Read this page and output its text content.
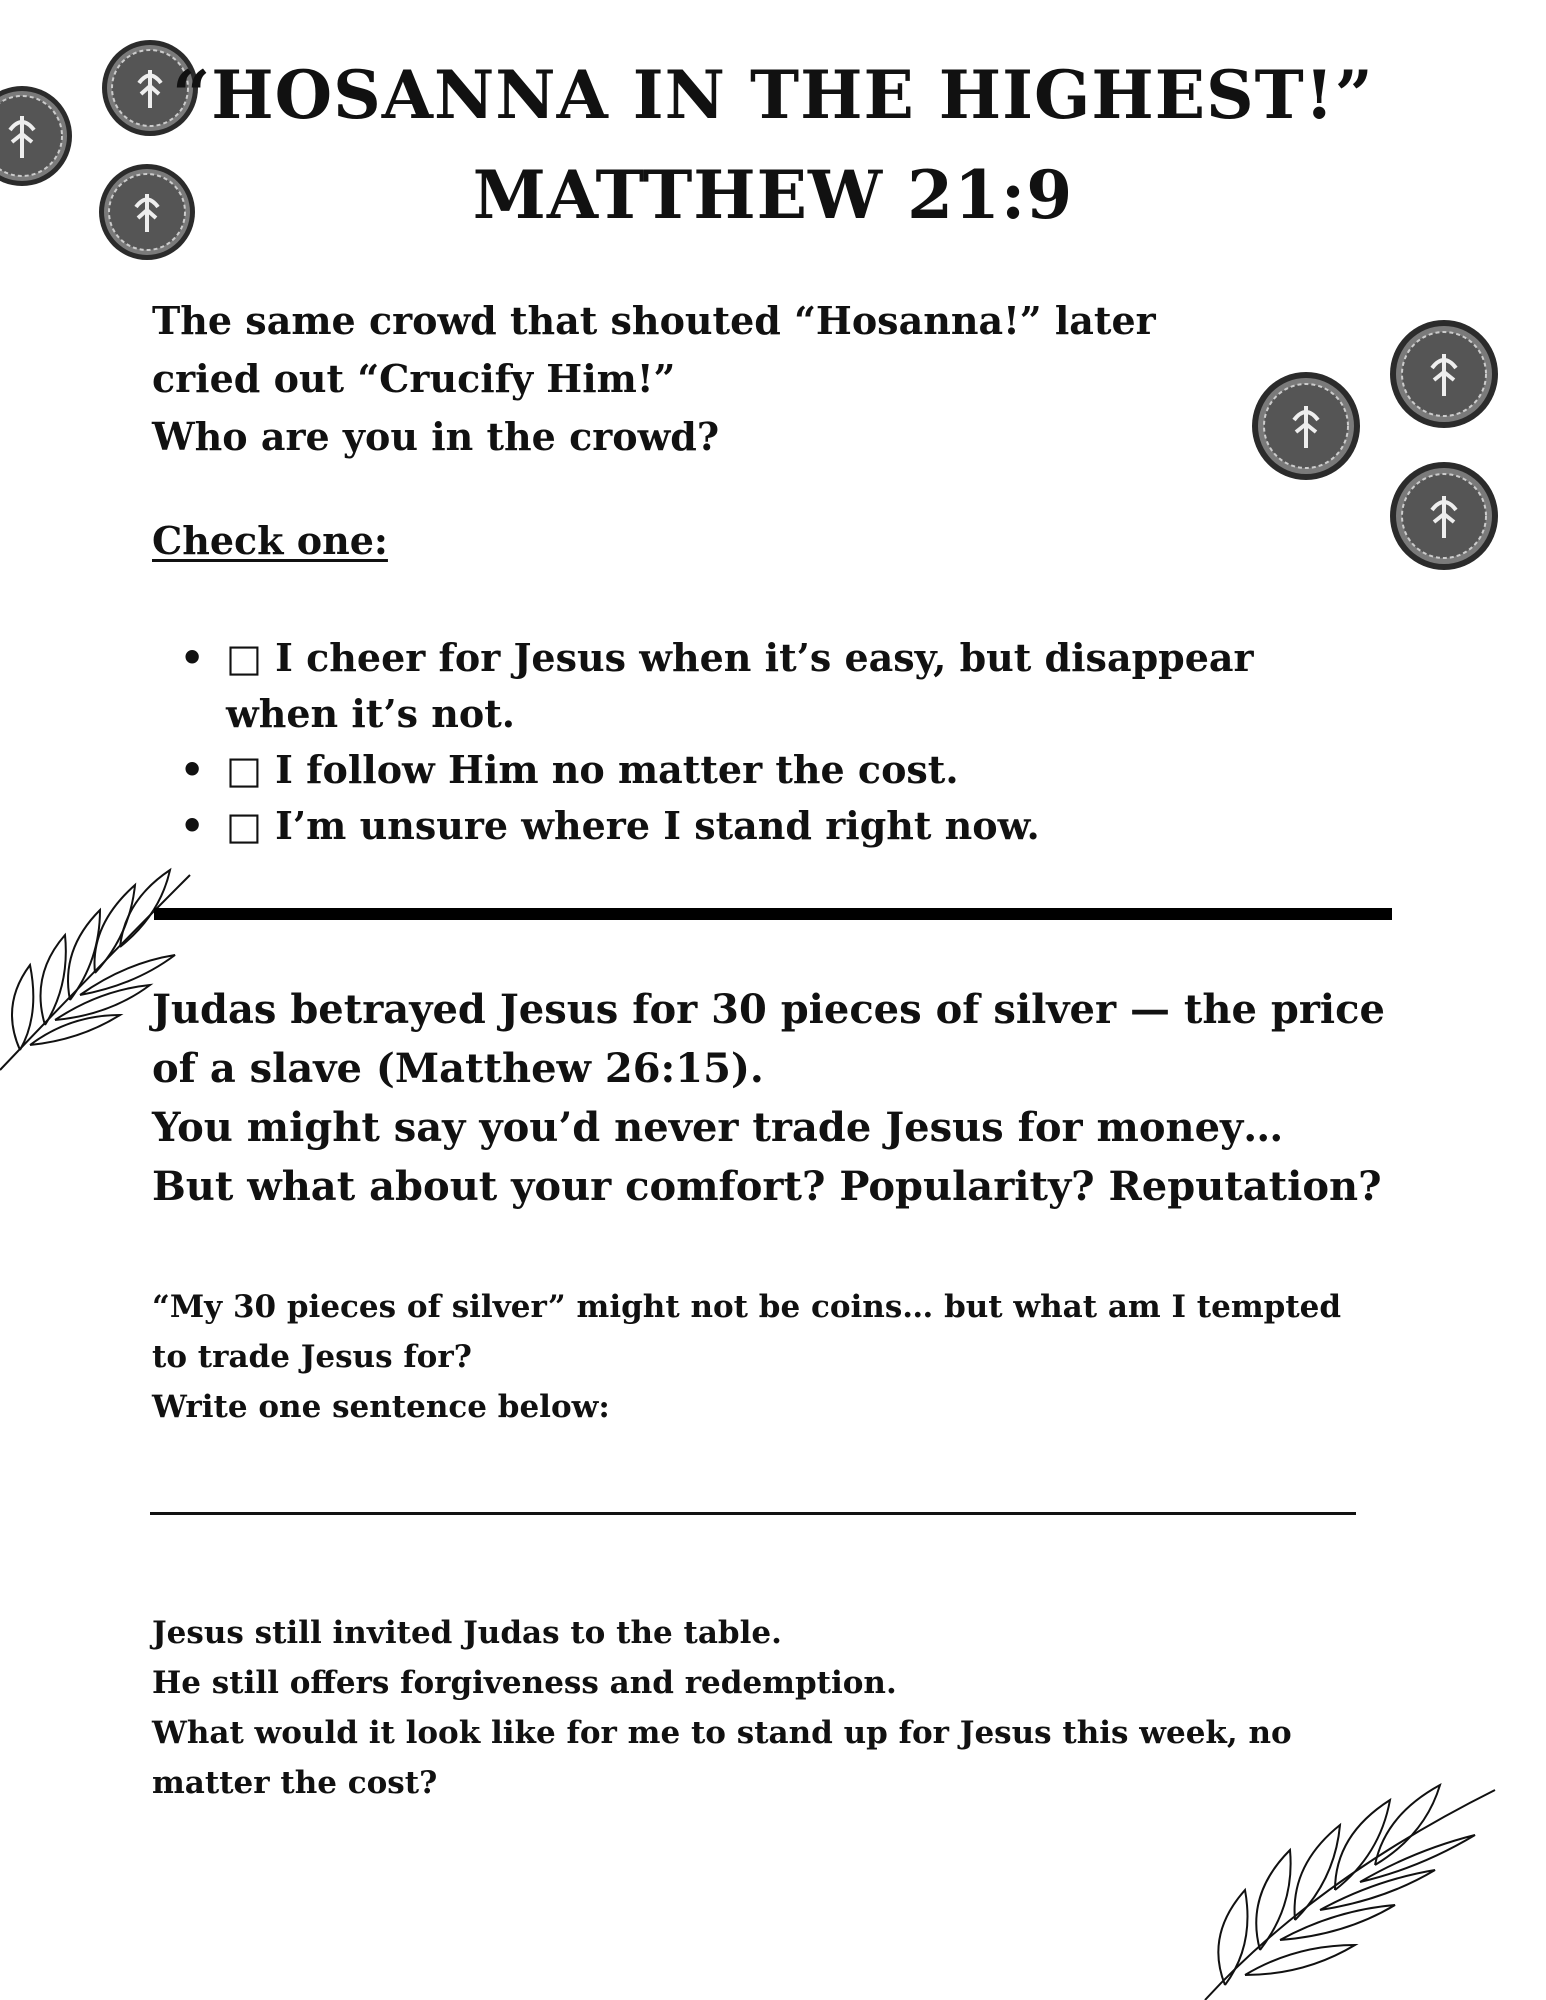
“HOSANNA IN THE HIGHEST!”
MATTHEW 21:9
The same crowd that shouted “Hosanna!” later
cried out “Crucify Him!”
Who are you in the crowd?
Check one:
• □ I cheer for Jesus when it’s easy, but disappear
when it’s not.
• □ I follow Him no matter the cost.
• □ I’m unsure where I stand right now.
Judas betrayed Jesus for 30 pieces of silver — the price
of a slave (Matthew 26:15).
You might say you’d never trade Jesus for money…
But what about your comfort? Popularity? Reputation?
“My 30 pieces of silver” might not be coins… but what am I tempted
to trade Jesus for?
Write one sentence below:
Jesus still invited Judas to the table.
He still offers forgiveness and redemption.
What would it look like for me to stand up for Jesus this week, no
matter the cost?
